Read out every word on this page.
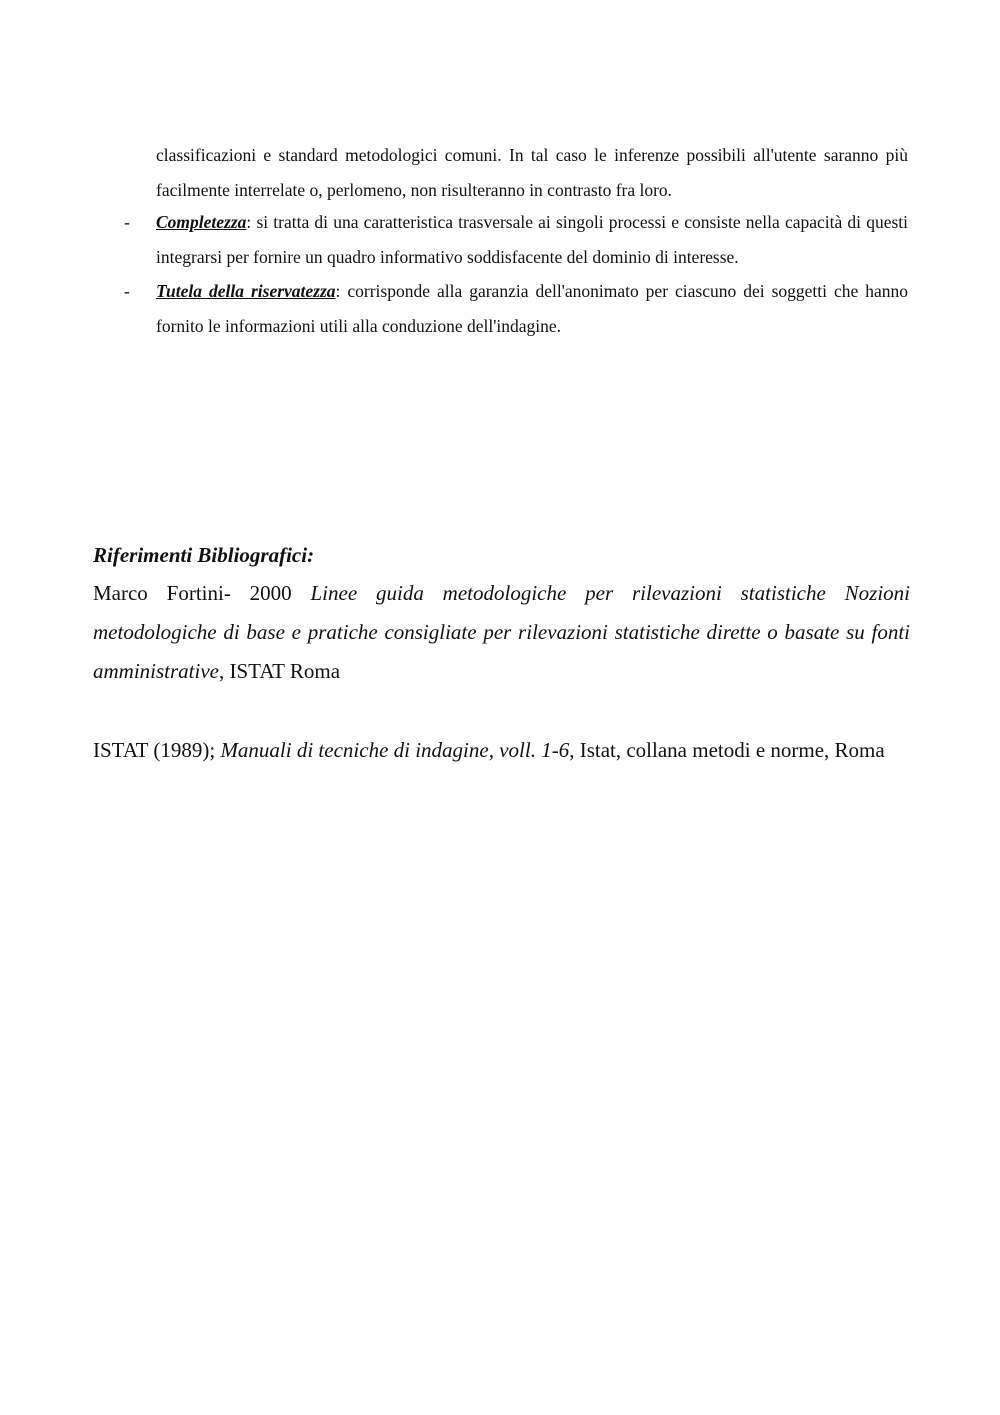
classificazioni e standard metodologici comuni. In tal caso le inferenze possibili all'utente saranno più facilmente interrelate o, perlomeno, non risulteranno in contrasto fra loro.

- Completezza: si tratta di una caratteristica trasversale ai singoli processi e consiste nella capacità di questi integrarsi per fornire un quadro informativo soddisfacente del dominio di interesse.
- Tutela della riservatezza: corrisponde alla garanzia dell'anonimato per ciascuno dei soggetti che hanno fornito le informazioni utili alla conduzione dell'indagine.

Riferimenti Bibliografici:

Marco Fortini- 2000 Linee guida metodologiche per rilevazioni statistiche Nozioni metodologiche di base e pratiche consigliate per rilevazioni statistiche dirette o basate su fonti amministrative, ISTAT Roma

ISTAT (1989); Manuali di tecniche di indagine, voll. 1-6, Istat, collana metodi e norme, Roma
